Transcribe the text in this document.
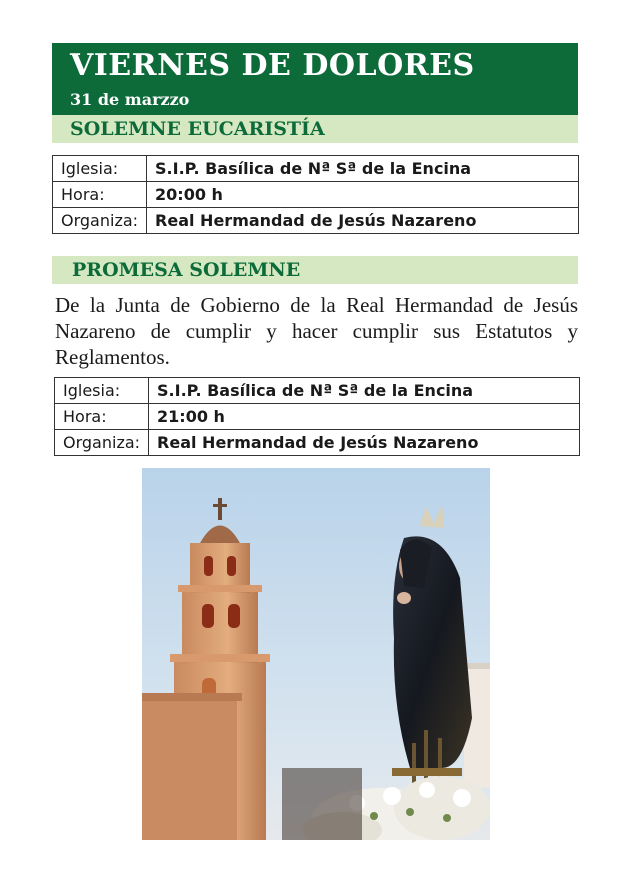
VIERNES DE DOLORES
31 de marzzo
SOLEMNE EUCARISTÍA
Iglesia:	S.I.P. Basílica de Nª Sª de la Encina
Hora:	20:00 h
Organiza:	Real Hermandad de Jesús Nazareno
PROMESA SOLEMNE

De la Junta de Gobierno de la Real Hermandad de Jesús Nazareno de cumplir y hacer cumplir sus Estatutos y Reglamentos.

Iglesia:	S.I.P. Basílica de Nª Sª de la Encina
Hora:	21:00 h
Organiza:	Real Hermandad de Jesús Nazareno
